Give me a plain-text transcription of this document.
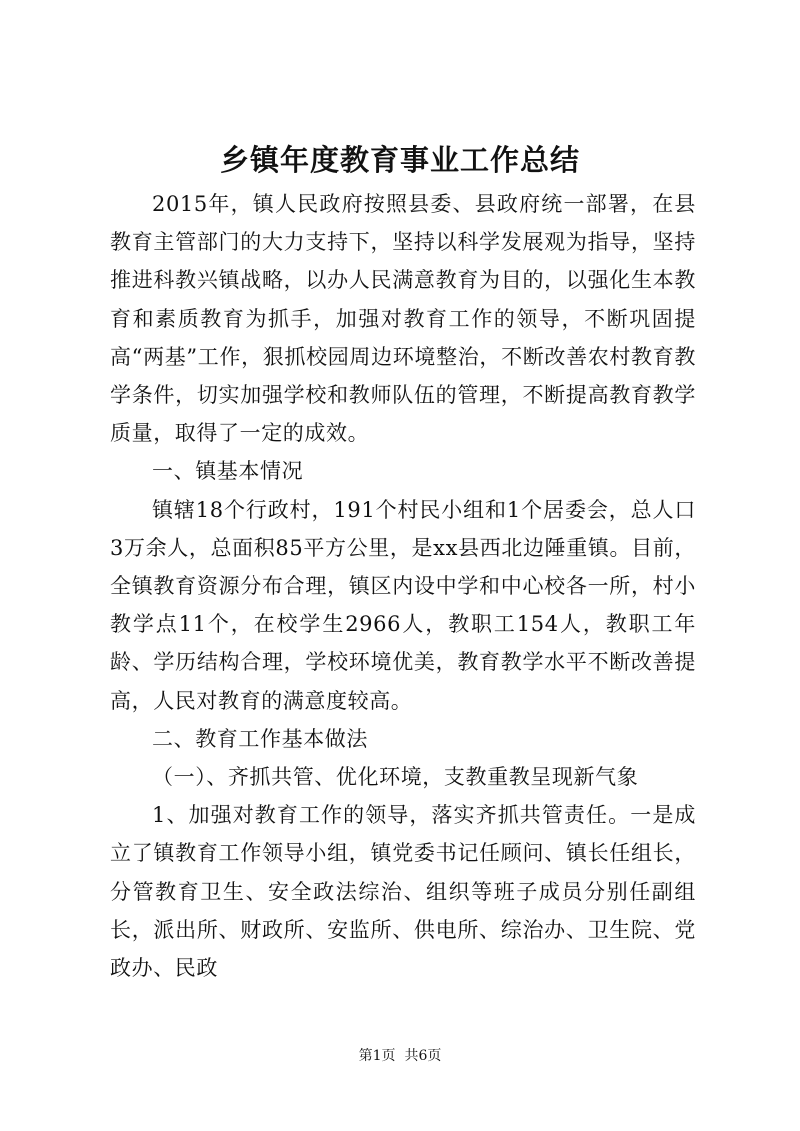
乡镇年度教育事业工作总结

2015年，镇人民政府按照县委、县政府统一部署，在县教育主管部门的大力支持下，坚持以科学发展观为指导，坚持推进科教兴镇战略，以办人民满意教育为目的，以强化生本教育和素质教育为抓手，加强对教育工作的领导，不断巩固提高“两基”工作，狠抓校园周边环境整治，不断改善农村教育教学条件，切实加强学校和教师队伍的管理，不断提高教育教学质量，取得了一定的成效。

一、镇基本情况

镇辖18个行政村，191个村民小组和1个居委会，总人口3万余人，总面积85平方公里，是xx县西北边陲重镇。目前，全镇教育资源分布合理，镇区内设中学和中心校各一所，村小教学点11个，在校学生2966人，教职工154人，教职工年龄、学历结构合理，学校环境优美，教育教学水平不断改善提高，人民对教育的满意度较高。

二、教育工作基本做法

（一）、齐抓共管、优化环境，支教重教呈现新气象

1、加强对教育工作的领导，落实齐抓共管责任。一是成立了镇教育工作领导小组，镇党委书记任顾问、镇长任组长，分管教育卫生、安全政法综治、组织等班子成员分别任副组长，派出所、财政所、安监所、供电所、综治办、卫生院、党政办、民政

第1页 共6页
